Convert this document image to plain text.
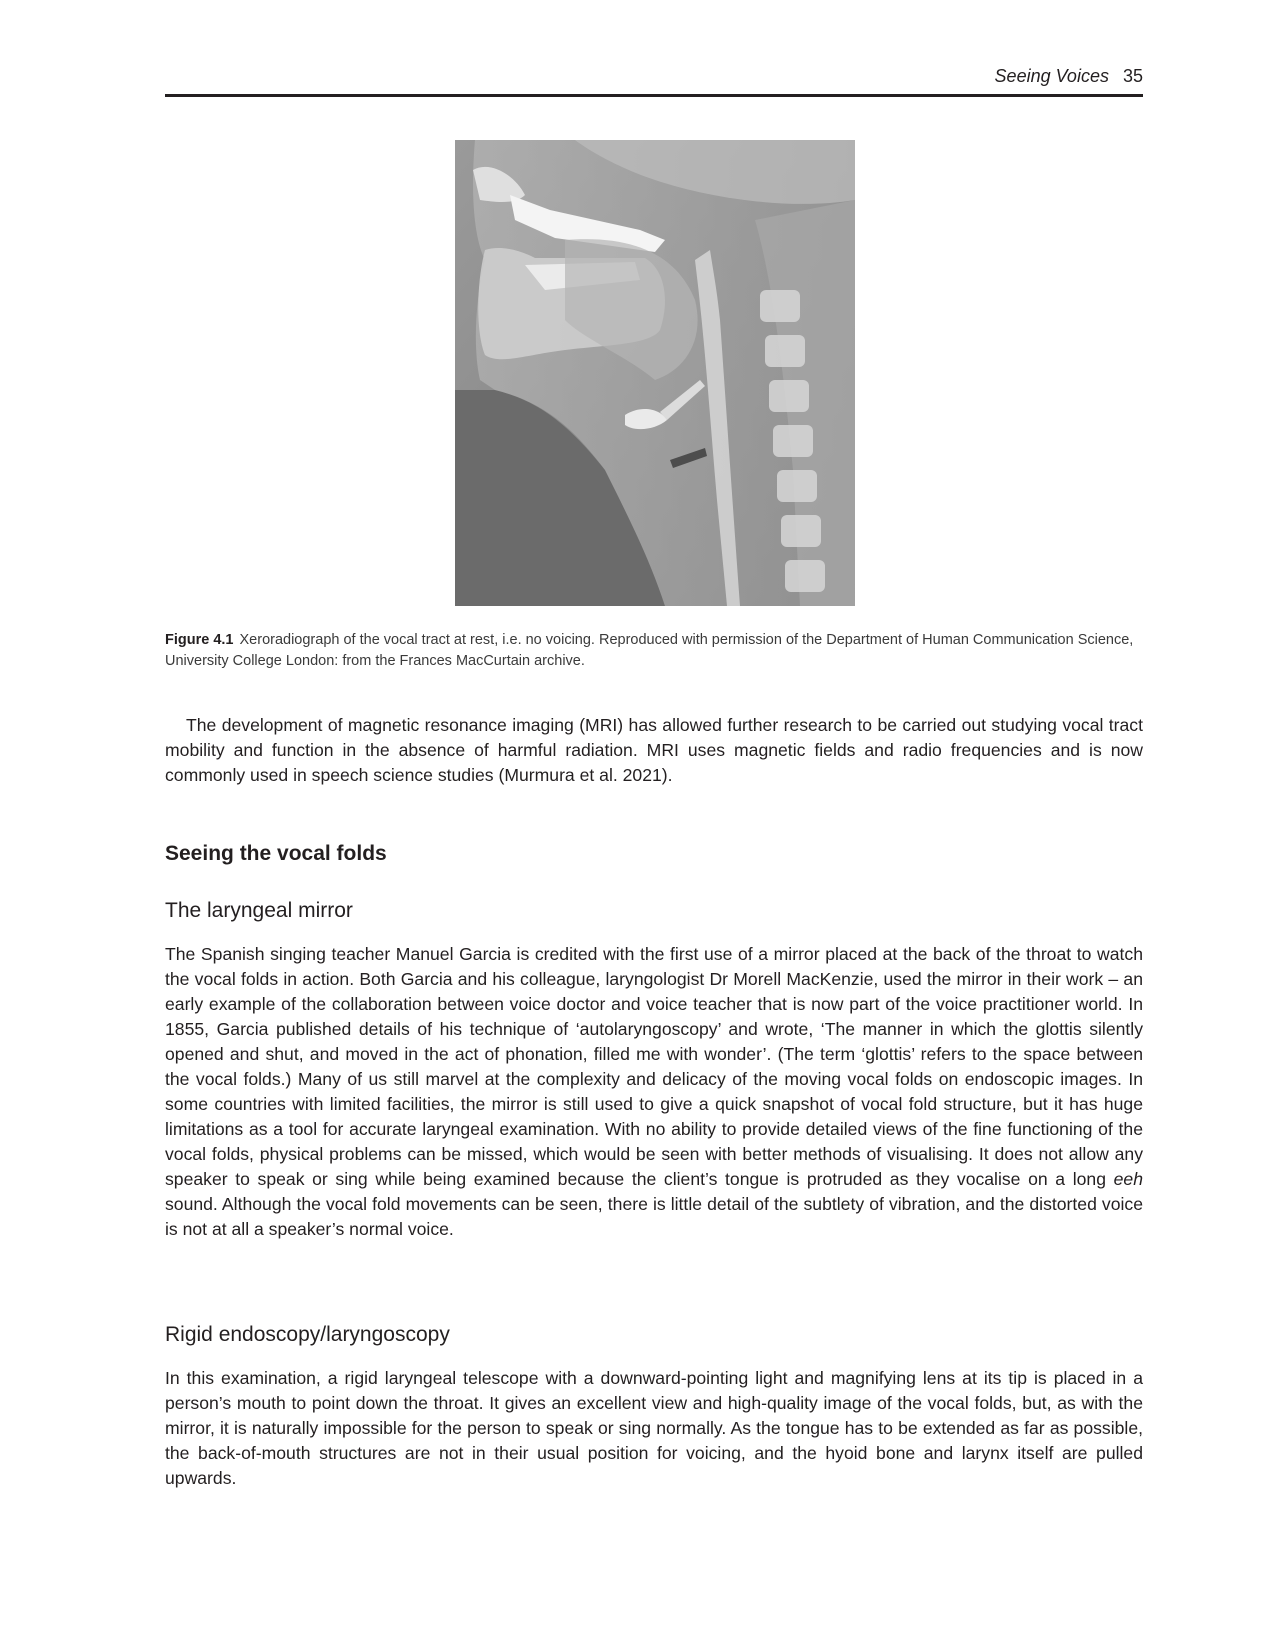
Seeing Voices 35
Figure 4.1 Xeroradiograph of the vocal tract at rest, i.e. no voicing. Reproduced with permission of the Department of Human Communication Science, University College London: from the Frances MacCurtain archive.

The development of magnetic resonance imaging (MRI) has allowed further research to be carried out studying vocal tract mobility and function in the absence of harmful radiation. MRI uses magnetic fields and radio frequencies and is now commonly used in speech science studies (Murmura et al. 2021).

Seeing the vocal folds
The laryngeal mirror

The Spanish singing teacher Manuel Garcia is credited with the first use of a mirror placed at the back of the throat to watch the vocal folds in action. Both Garcia and his colleague, laryngologist Dr Morell MacKenzie, used the mirror in their work – an early example of the collaboration between voice doctor and voice teacher that is now part of the voice practitioner world. In 1855, Garcia published details of his technique of ‘autolaryngoscopy’ and wrote, ‘The manner in which the glottis silently opened and shut, and moved in the act of phonation, filled me with wonder’. (The term ‘glottis’ refers to the space between the vocal folds.) Many of us still marvel at the complexity and delicacy of the moving vocal folds on endoscopic images. In some countries with limited facilities, the mirror is still used to give a quick snapshot of vocal fold structure, but it has huge limitations as a tool for accurate laryngeal examination. With no ability to provide detailed views of the fine functioning of the vocal folds, physical problems can be missed, which would be seen with better methods of visualising. It does not allow any speaker to speak or sing while being examined because the client’s tongue is protruded as they vocalise on a long eeh sound. Although the vocal fold movements can be seen, there is little detail of the subtlety of vibration, and the distorted voice is not at all a speaker’s normal voice.

Rigid endoscopy/laryngoscopy

In this examination, a rigid laryngeal telescope with a downward-pointing light and magnifying lens at its tip is placed in a person’s mouth to point down the throat. It gives an excellent view and high-quality image of the vocal folds, but, as with the mirror, it is naturally impossible for the person to speak or sing normally. As the tongue has to be extended as far as possible, the back-of-mouth structures are not in their usual position for voicing, and the hyoid bone and larynx itself are pulled upwards.
